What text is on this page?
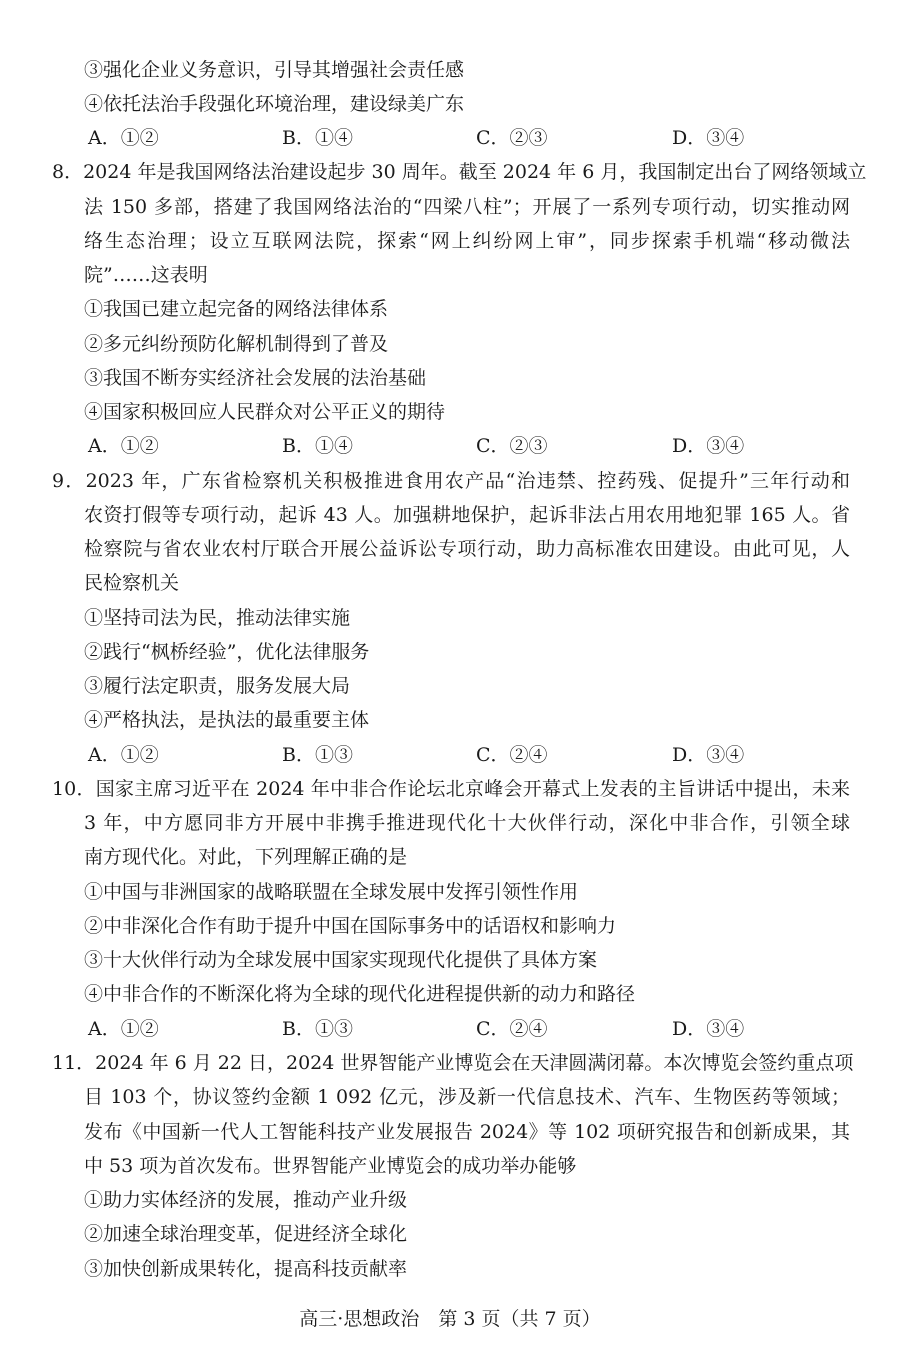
③强化企业义务意识，引导其增强社会责任感
④依托法治手段强化环境治理，建设绿美广东
A．①②	B．①④	C．②③	D．③④
8．2024 年是我国网络法治建设起步 30 周年。截至 2024 年 6 月，我国制定出台了网络领域立
法 150 多部，搭建了我国网络法治的“四梁八柱”；开展了一系列专项行动，切实推动网
络生态治理；设立互联网法院，探索“网上纠纷网上审”，同步探索手机端“移动微法
院”……这表明
①我国已建立起完备的网络法律体系
②多元纠纷预防化解机制得到了普及
③我国不断夯实经济社会发展的法治基础
④国家积极回应人民群众对公平正义的期待
A．①②	B．①④	C．②③	D．③④
9．2023 年，广东省检察机关积极推进食用农产品“治违禁、控药残、促提升”三年行动和
农资打假等专项行动，起诉 43 人。加强耕地保护，起诉非法占用农用地犯罪 165 人。省
检察院与省农业农村厅联合开展公益诉讼专项行动，助力高标准农田建设。由此可见，人
民检察机关
①坚持司法为民，推动法律实施
②践行“枫桥经验”，优化法律服务
③履行法定职责，服务发展大局
④严格执法，是执法的最重要主体
A．①②	B．①③	C．②④	D．③④
10．国家主席习近平在 2024 年中非合作论坛北京峰会开幕式上发表的主旨讲话中提出，未来
3 年，中方愿同非方开展中非携手推进现代化十大伙伴行动，深化中非合作，引领全球
南方现代化。对此，下列理解正确的是
①中国与非洲国家的战略联盟在全球发展中发挥引领性作用
②中非深化合作有助于提升中国在国际事务中的话语权和影响力
③十大伙伴行动为全球发展中国家实现现代化提供了具体方案
④中非合作的不断深化将为全球的现代化进程提供新的动力和路径
A．①②	B．①③	C．②④	D．③④
11．2024 年 6 月 22 日，2024 世界智能产业博览会在天津圆满闭幕。本次博览会签约重点项
目 103 个，协议签约金额 1 092 亿元，涉及新一代信息技术、汽车、生物医药等领域；
发布《中国新一代人工智能科技产业发展报告 2024》等 102 项研究报告和创新成果，其
中 53 项为首次发布。世界智能产业博览会的成功举办能够
①助力实体经济的发展，推动产业升级
②加速全球治理变革，促进经济全球化
③加快创新成果转化，提高科技贡献率
高三·思想政治　第 3 页（共 7 页）
